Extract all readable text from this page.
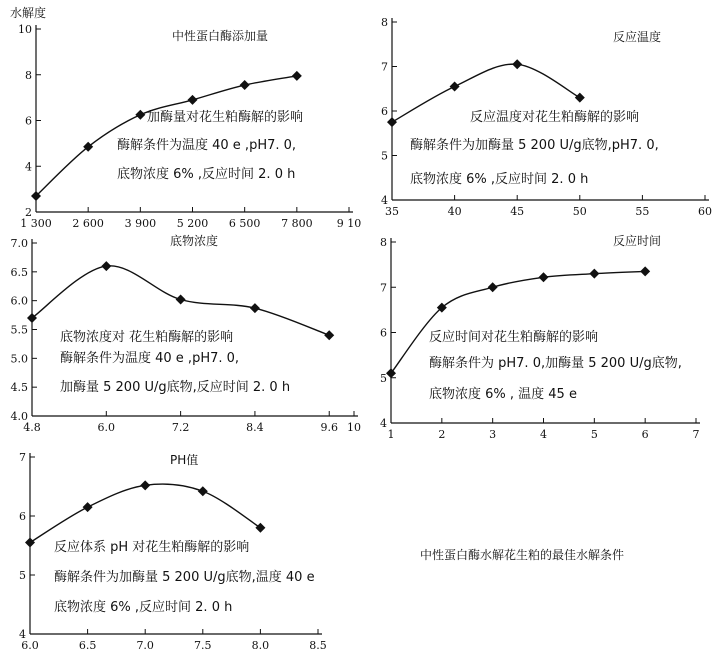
中性蛋白酶水解花生粕的最佳水解条件
2
4
6
8
10
1 300 2 600 3 900 5 200 6 500 7 800 9 10
中性蛋白酶添加量
水解度
加酶量对花生粕酶解的影响
酶解条件为温度 40 e ,pH7. 0,
底物浓度 6% ,反应时间 2. 0 h
4
5
6
7
8
35	40	45	50	55	60
反应温度
反应温度对花生粕酶解的影响
酶解条件为加酶量 5 200 U/g底物,pH7. 0,
底物浓度 6% ,反应时间 2. 0 h
4.0
4.5
5.0
5.5
6.0
6.5
7.0
4.8	6.0	7.2	8.4	9.6 10
底物浓度
底物浓度对 花生粕酶解的影响
酶解条件为温度 40 e ,pH7. 0,
加酶量 5 200 U/g底物,反应时间 2. 0 h
4
5
6
7
8
1	2	3	4	5	6	7
反应时间
反应时间对花生粕酶解的影响
酶解条件为 pH7. 0,加酶量 5 200 U/g底物,
底物浓度 6% , 温度 45 e
4
5
6
7
6.0	6.5	7.0	7.5	8.0	8.5
PH值
反应体系 pH 对花生粕酶解的影响
酶解条件为加酶量 5 200 U/g底物,温度 40 e
底物浓度 6% ,反应时间 2. 0 h
